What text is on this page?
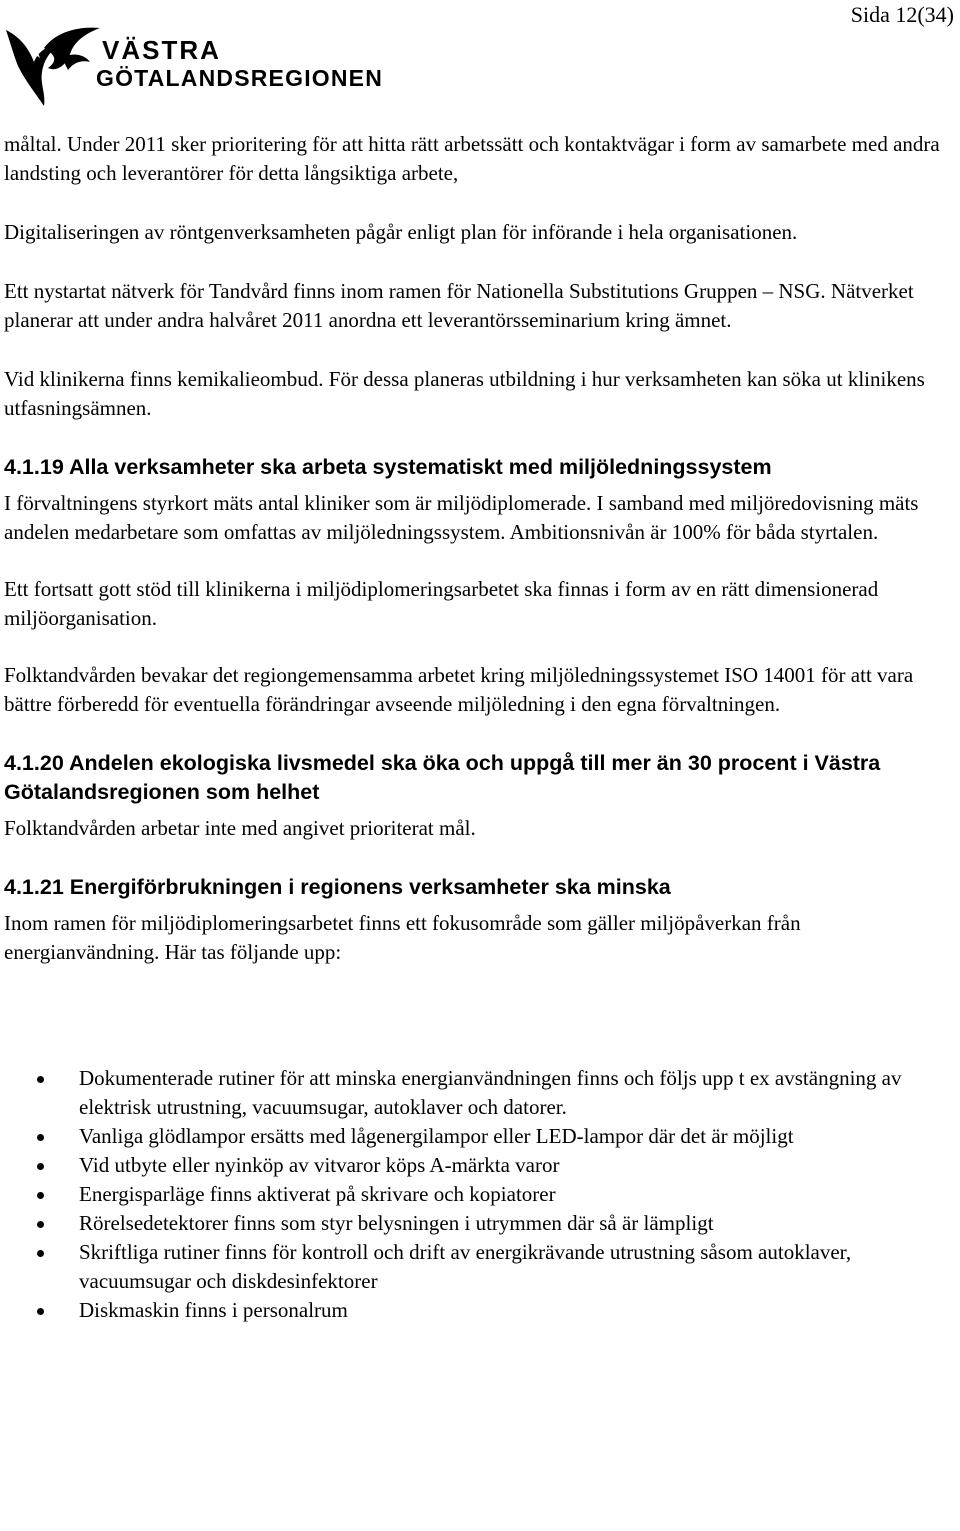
VÄSTRA
GÖTALANDSREGIONEN
Sida 12(34)

måltal. Under 2011 sker prioritering för att hitta rätt arbetssätt och kontaktvägar i form av samarbete med andra landsting och leverantörer för detta långsiktiga arbete,

Digitaliseringen av röntgenverksamheten pågår enligt plan för införande i hela organisationen.

Ett nystartat nätverk för Tandvård finns inom ramen för Nationella Substitutions Gruppen – NSG. Nätverket planerar att under andra halvåret 2011 anordna ett leverantörsseminarium kring ämnet.

Vid klinikerna finns kemikalieombud. För dessa planeras utbildning i hur verksamheten kan söka ut klinikens utfasningsämnen.

4.1.19 Alla verksamheter ska arbeta systematiskt med miljöledningssystem

I förvaltningens styrkort mäts antal kliniker som är miljödiplomerade. I samband med miljöredovisning mäts andelen medarbetare som omfattas av miljöledningssystem. Ambitionsnivån är 100% för båda styrtalen.

Ett fortsatt gott stöd till klinikerna i miljödiplomeringsarbetet ska finnas i form av en rätt dimensionerad miljöorganisation.

Folktandvården bevakar det regiongemensamma arbetet kring miljöledningssystemet ISO 14001 för att vara bättre förberedd för eventuella förändringar avseende miljöledning i den egna förvaltningen.

4.1.20 Andelen ekologiska livsmedel ska öka och uppgå till mer än 30 procent i Västra Götalandsregionen som helhet

Folktandvården arbetar inte med angivet prioriterat mål.

4.1.21 Energiförbrukningen i regionens verksamheter ska minska

Inom ramen för miljödiplomeringsarbetet finns ett fokusområde som gäller miljöpåverkan från energianvändning. Här tas följande upp:

Dokumenterade rutiner för att minska energianvändningen finns och följs upp t ex avstängning av elektrisk utrustning, vacuumsugar, autoklaver och datorer.
Vanliga glödlampor ersätts med lågenergilampor eller LED-lampor där det är möjligt
Vid utbyte eller nyinköp av vitvaror köps A-märkta varor
Energisparläge finns aktiverat på skrivare och kopiatorer
Rörelsedetektorer finns som styr belysningen i utrymmen där så är lämpligt
Skriftliga rutiner finns för kontroll och drift av energikrävande utrustning såsom autoklaver, vacuumsugar och diskdesinfektorer
Diskmaskin finns i personalrum
